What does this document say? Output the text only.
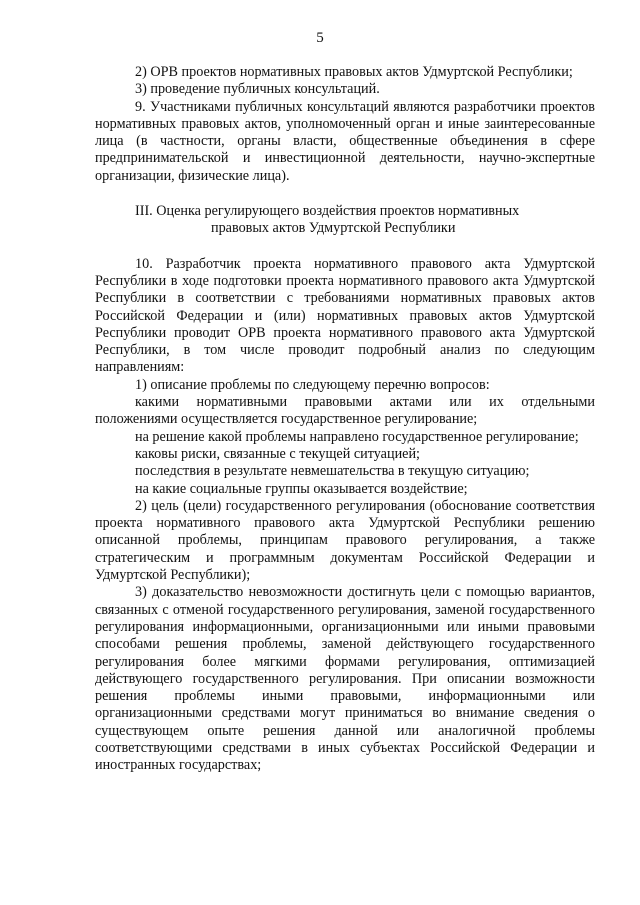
5

2) ОРВ проектов нормативных правовых актов Удмуртской Республики;

3) проведение публичных консультаций.

9. Участниками публичных консультаций являются разработчики проектов нормативных правовых актов, уполномоченный орган и иные заинтересованные лица (в частности, органы власти, общественные объединения в сфере предпринимательской и инвестиционной деятельности, научно-экспертные организации, физические лица).

III. Оценка регулирующего воздействия проектов нормативных
правовых актов Удмуртской Республики

10. Разработчик проекта нормативного правового акта Удмуртской Республики в ходе подготовки проекта нормативного правового акта Удмуртской Республики в соответствии с требованиями нормативных правовых актов Российской Федерации и (или) нормативных правовых актов Удмуртской Республики проводит ОРВ проекта нормативного правового акта Удмуртской Республики, в том числе проводит подробный анализ по следующим направлениям:

1) описание проблемы по следующему перечню вопросов:

какими нормативными правовыми актами или их отдельными положениями осуществляется государственное регулирование;

на решение какой проблемы направлено государственное регулирование;

каковы риски, связанные с текущей ситуацией;

последствия в результате невмешательства в текущую ситуацию;

на какие социальные группы оказывается воздействие;

2) цель (цели) государственного регулирования (обоснование соответствия проекта нормативного правового акта Удмуртской Республики решению описанной проблемы, принципам правового регулирования, а также стратегическим и программным документам Российской Федерации и Удмуртской Республики);

3) доказательство невозможности достигнуть цели с помощью вариантов, связанных с отменой государственного регулирования, заменой государственного регулирования информационными, организационными или иными правовыми способами решения проблемы, заменой действующего государственного регулирования более мягкими формами регулирования, оптимизацией действующего государственного регулирования. При описании возможности решения проблемы иными правовыми, информационными или организационными средствами могут приниматься во внимание сведения о существующем опыте решения данной или аналогичной проблемы соответствующими средствами в иных субъектах Российской Федерации и иностранных государствах;
